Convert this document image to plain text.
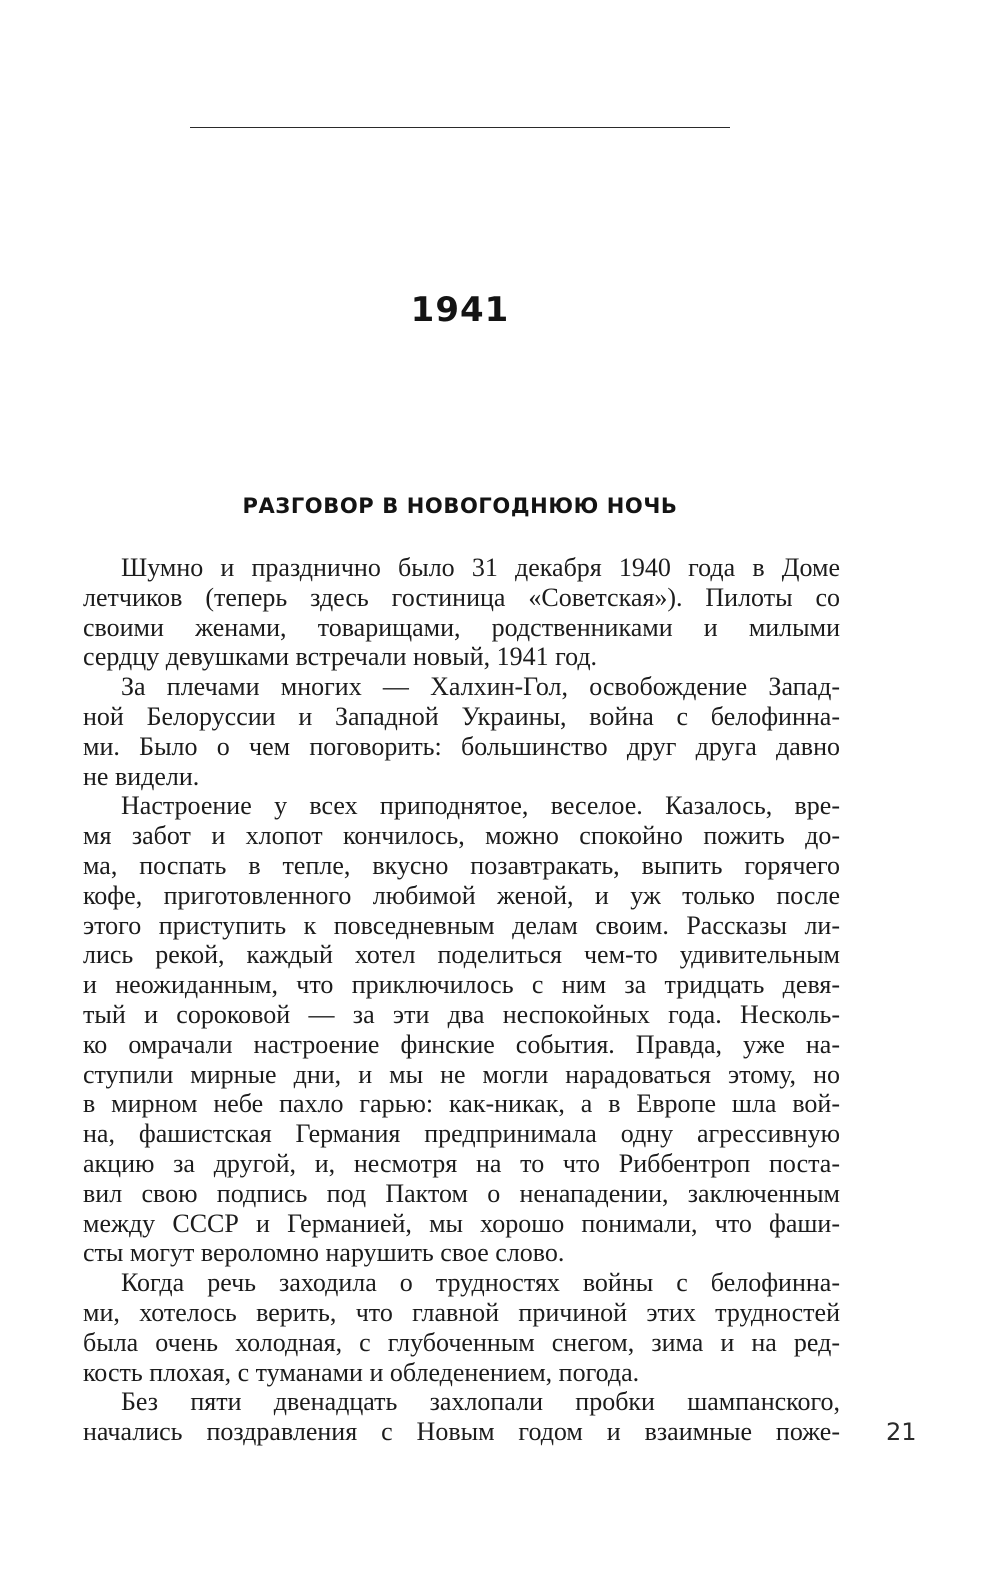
1941
РАЗГОВОР В НОВОГОДНЮЮ НОЧЬ
Шумно и празднично было 31 декабря 1940 года в Доме
летчиков (теперь здесь гостиница «Советская»). Пилоты со
своими женами, товарищами, родственниками и милыми
сердцу девушками встречали новый, 1941 год.
За плечами многих — Халхин-Гол, освобождение Запад-
ной Белоруссии и Западной Украины, война с белофинна-
ми. Было о чем поговорить: большинство друг друга давно
не видели.
Настроение у всех приподнятое, веселое. Казалось, вре-
мя забот и хлопот кончилось, можно спокойно пожить до-
ма, поспать в тепле, вкусно позавтракать, выпить горячего
кофе, приготовленного любимой женой, и уж только после
этого приступить к повседневным делам своим. Рассказы ли-
лись рекой, каждый хотел поделиться чем-то удивительным
и неожиданным, что приключилось с ним за тридцать девя-
тый и сороковой — за эти два неспокойных года. Несколь-
ко омрачали настроение финские события. Правда, уже на-
ступили мирные дни, и мы не могли нарадоваться этому, но
в мирном небе пахло гарью: как-никак, а в Европе шла вой-
на, фашистская Германия предпринимала одну агрессивную
акцию за другой, и, несмотря на то что Риббентроп поста-
вил свою подпись под Пактом о ненападении, заключенным
между СССР и Германией, мы хорошо понимали, что фаши-
сты могут вероломно нарушить свое слово.
Когда речь заходила о трудностях войны с белофинна-
ми, хотелось верить, что главной причиной этих трудностей
была очень холодная, с глубоченным снегом, зима и на ред-
кость плохая, с туманами и обледенением, погода.
Без пяти двенадцать захлопали пробки шампанского,
начались поздравления с Новым годом и взаимные поже- 21
